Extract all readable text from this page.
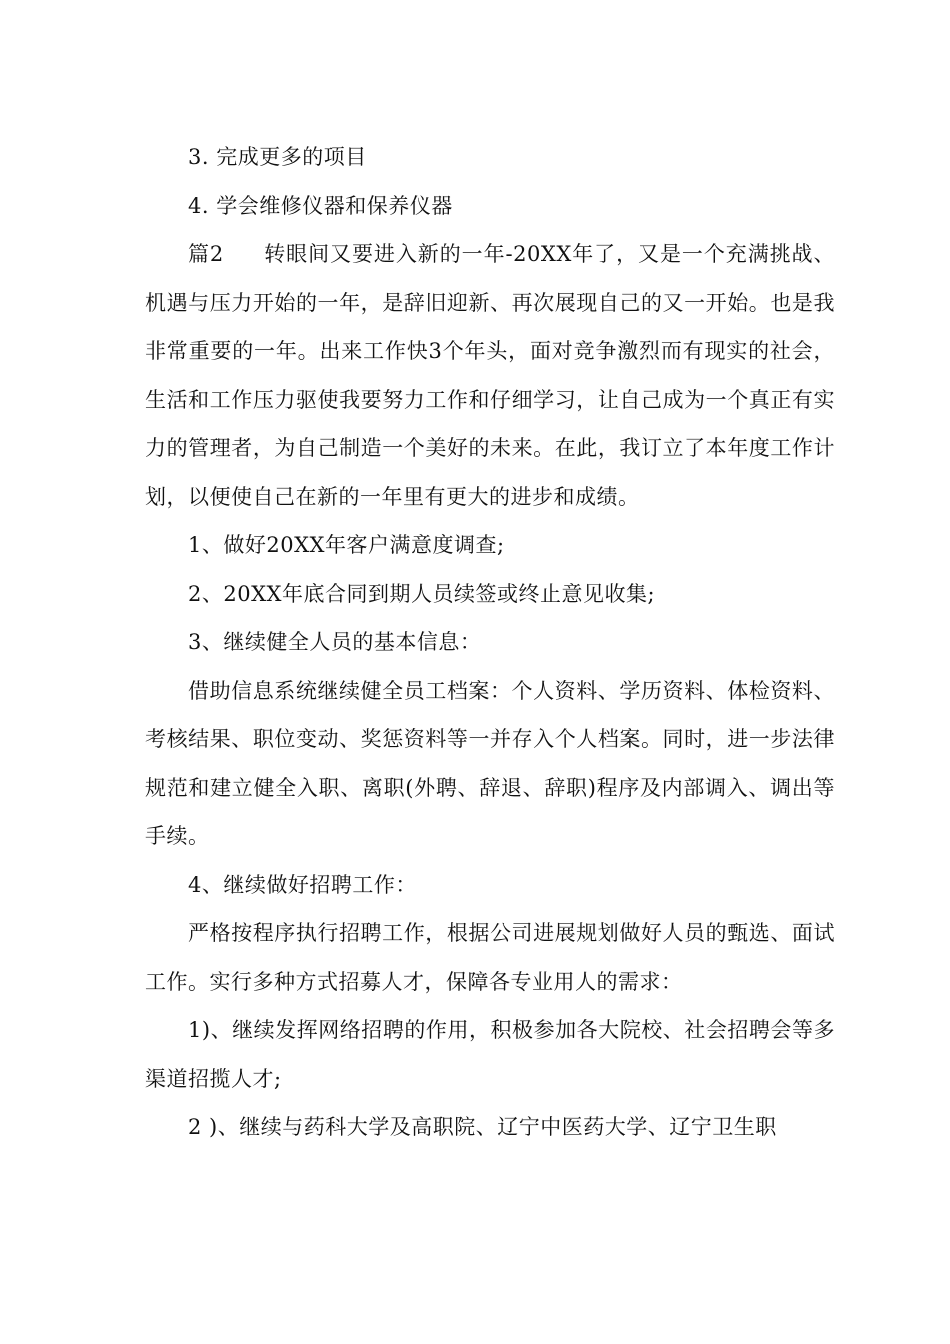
3. 完成更多的项目

4. 学会维修仪器和保养仪器

篇2 转眼间又要进入新的一年-20XX年了，又是一个充满挑战、机遇与压力开始的一年，是辞旧迎新、再次展现自己的又一开始。也是我非常重要的一年。出来工作快3个年头，面对竞争激烈而有现实的社会，生活和工作压力驱使我要努力工作和仔细学习，让自己成为一个真正有实力的管理者，为自己制造一个美好的未来。在此，我订立了本年度工作计划，以便使自己在新的一年里有更大的进步和成绩。

1、做好20XX年客户满意度调查;

2、20XX年底合同到期人员续签或终止意见收集;

3、继续健全人员的基本信息：

借助信息系统继续健全员工档案：个人资料、学历资料、体检资料、考核结果、职位变动、奖惩资料等一并存入个人档案。同时，进一步法律规范和建立健全入职、离职(外聘、辞退、辞职)程序及内部调入、调出等手续。

4、继续做好招聘工作：

严格按程序执行招聘工作，根据公司进展规划做好人员的甄选、面试工作。实行多种方式招募人才，保障各专业用人的需求：

1)、继续发挥网络招聘的作用，积极参加各大院校、社会招聘会等多渠道招揽人才;

2 )、继续与药科大学及高职院、辽宁中医药大学、辽宁卫生职
